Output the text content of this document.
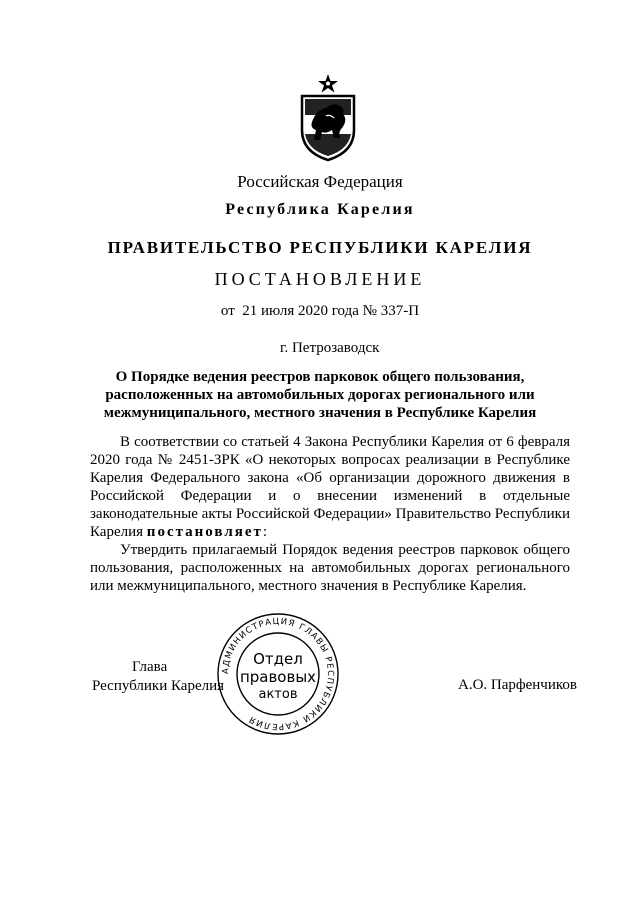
Российская Федерация
Республика Карелия
ПРАВИТЕЛЬСТВО РЕСПУБЛИКИ КАРЕЛИЯ
ПОСТАНОВЛЕНИЕ
от  21 июля 2020 года № 337-П
г. Петрозаводск
О Порядке ведения реестров парковок общего пользования, расположенных на автомобильных дорогах регионального или межмуниципального, местного значения в Республике Карелия
В соответствии со статьей 4 Закона Республики Карелия от 6 февраля 2020 года № 2451-ЗРК «О некоторых вопросах реализации в Республике Карелия Федерального закона «Об организации дорожного движения в Российской Федерации и о внесении изменений в отдельные законодательные акты Российской Федерации» Правительство Республики Карелия постановляет:
Утвердить прилагаемый Порядок ведения реестров парковок общего пользования, расположенных на автомобильных дорогах регионального или межмуниципального, местного значения в Республике Карелия.
Глава
Республики Карелия	А.О. Парфенчиков
АДМИНИСТРАЦИЯ ГЛАВЫ РЕСПУБЛИКИ КАРЕЛИЯ
Отдел
правовых
актов
